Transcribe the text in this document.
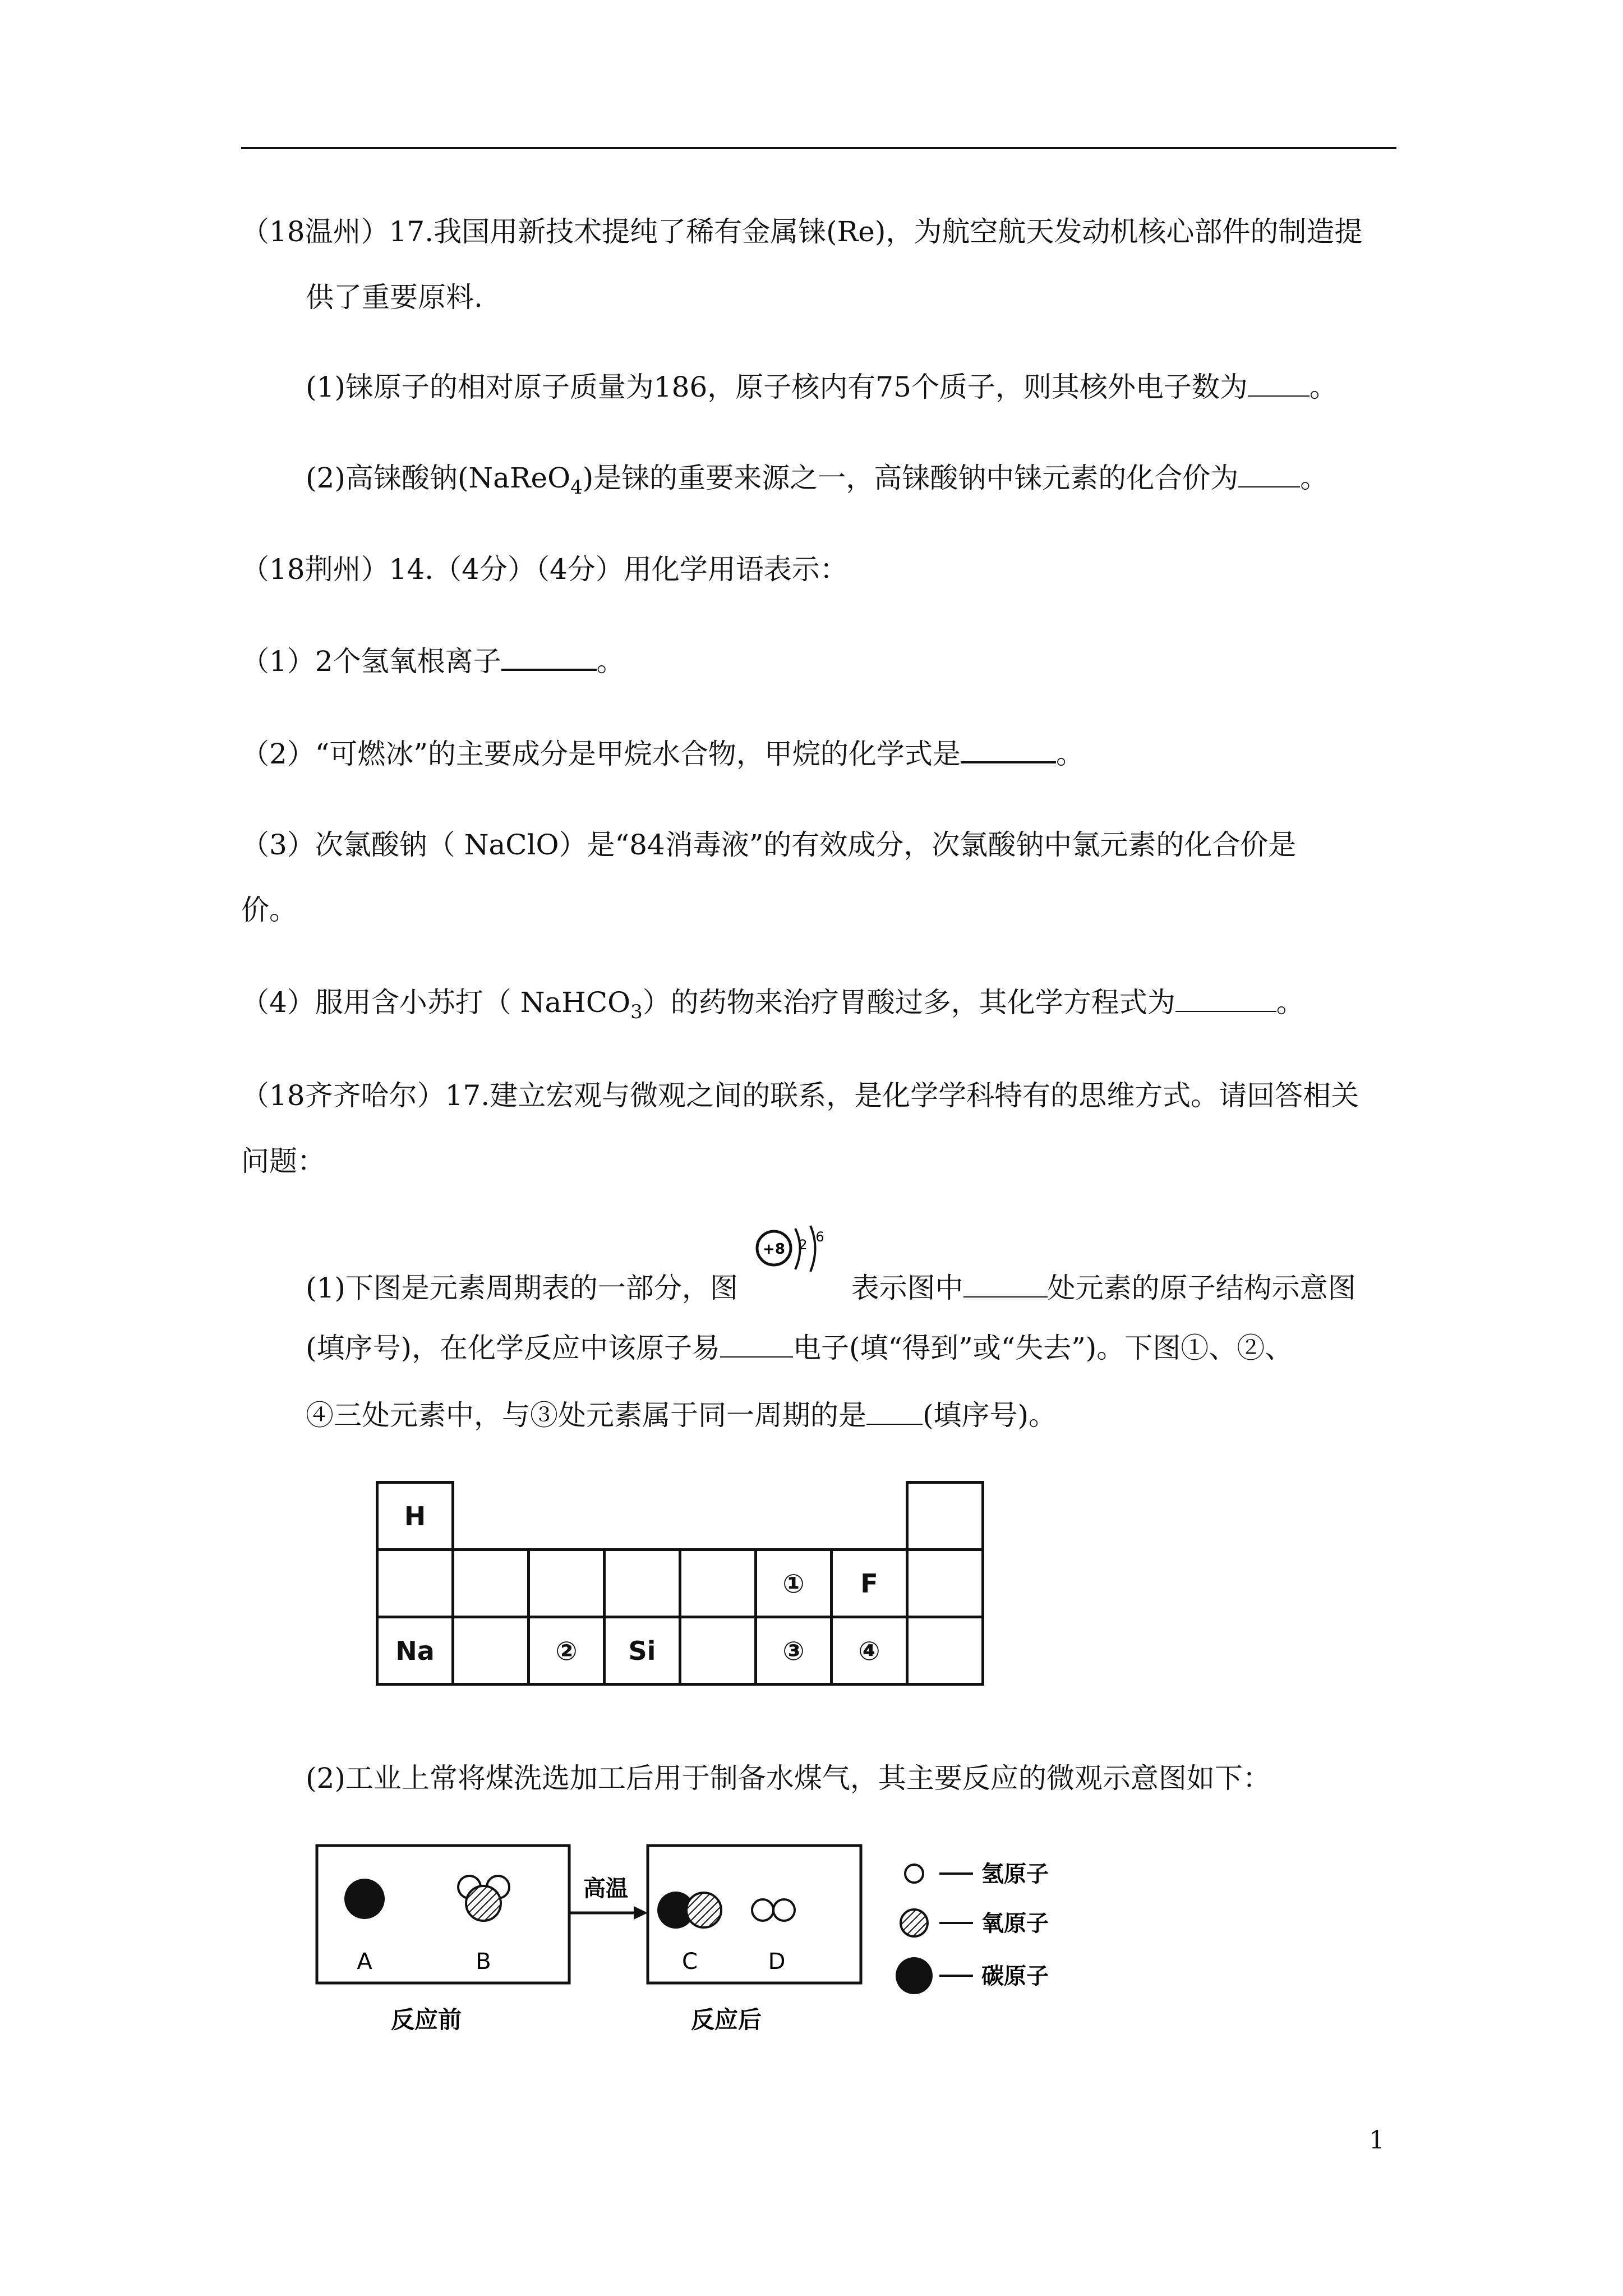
（18温州）17.我国用新技术提纯了稀有金属铼(Re)，为航空航天发动机核心部件的制造提
供了重要原料.
(1)铼原子的相对原子质量为186，原子核内有75个质子，则其核外电子数为 。
(2)高铼酸钠(NaReO$_4$)是铼的重要来源之一，高铼酸钠中铼元素的化合价为 。
（18荆州）14.（4分）（4分）用化学用语表示：
（1）2个氢氧根离子	。
（2）“可燃冰”的主要成分是甲烷水合物，甲烷的化学式是	。
（3）次氯酸钠（ NaClO）是“84消毒液”的有效成分，次氯酸钠中氯元素的化合价是
价。
（4）服用含小苏打（ NaHCO$_3$）的药物来治疗胃酸过多，其化学方程式为	。
（18齐齐哈尔）17.建立宏观与微观之间的联系，是化学学科特有的思维方式。请回答相关
问题：
(1)下图是元素周期表的一部分，图	表示图中	处元素的原子结构示意图
+8 2 6
(填序号)，在化学反应中该原子易	电子(填“得到”或“失去”)。下图①、②、
④三处元素中，与③处元素属于同一周期的是 (填序号)。
H							
					①	F	
Na		②	Si		③	④	
(2)工业上常将煤洗选加工后用于制备水煤气，其主要反应的微观示意图如下：
A	B
高温
C	D
反应前	反应后
氢原子
氧原子
碳原子
1
